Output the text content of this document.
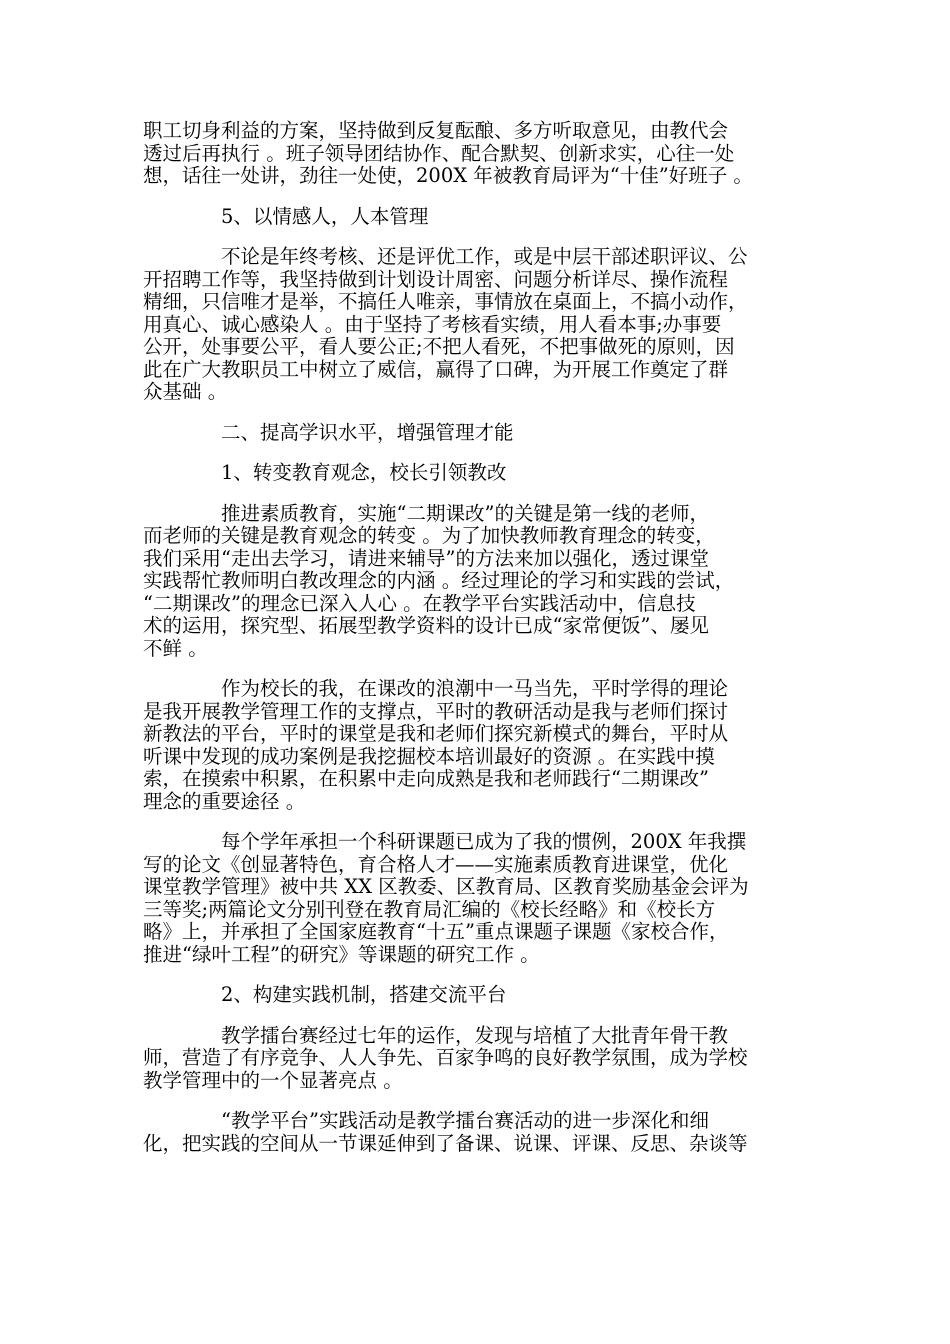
职工切身利益的方案，坚持做到反复酝酿、多方听取意见，由教代会

透过后再执行 。班子领导团结协作、配合默契、创新求实，心往一处

想，话往一处讲，劲往一处使，200X 年被教育局评为“十佳”好班子 。

5、以情感人，人本管理

不论是年终考核、还是评优工作，或是中层干部述职评议、公

开招聘工作等，我坚持做到计划设计周密、问题分析详尽、操作流程

精细，只信唯才是举，不搞任人唯亲，事情放在桌面上，不搞小动作，

用真心、诚心感染人 。由于坚持了考核看实绩，用人看本事;办事要

公开，处事要公平，看人要公正;不把人看死，不把事做死的原则，因

此在广大教职员工中树立了威信，赢得了口碑，为开展工作奠定了群

众基础 。

二、提高学识水平，增强管理才能

1、转变教育观念，校长引领教改

推进素质教育，实施“二期课改”的关键是第一线的老师，

而老师的关键是教育观念的转变 。为了加快教师教育理念的转变，

我们采用“走出去学习，请进来辅导”的方法来加以强化，透过课堂

实践帮忙教师明白教改理念的内涵 。经过理论的学习和实践的尝试，

“二期课改”的理念已深入人心 。在教学平台实践活动中，信息技

术的运用，探究型、拓展型教学资料的设计已成“家常便饭”、屡见

不鲜 。

作为校长的我，在课改的浪潮中一马当先，平时学得的理论

是我开展教学管理工作的支撑点，平时的教研活动是我与老师们探讨

新教法的平台，平时的课堂是我和老师们探究新模式的舞台，平时从

听课中发现的成功案例是我挖掘校本培训最好的资源 。在实践中摸

索，在摸索中积累，在积累中走向成熟是我和老师践行“二期课改”

理念的重要途径 。

每个学年承担一个科研课题已成为了我的惯例，200X 年我撰

写的论文《创显著特色，育合格人才——实施素质教育进课堂，优化

课堂教学管理》被中共 XX 区教委、区教育局、区教育奖励基金会评为

三等奖;两篇论文分别刊登在教育局汇编的《校长经略》和《校长方

略》上，并承担了全国家庭教育“十五”重点课题子课题《家校合作，

推进“绿叶工程”的研究》等课题的研究工作 。

2、构建实践机制，搭建交流平台

教学擂台赛经过七年的运作，发现与培植了大批青年骨干教

师，营造了有序竞争、人人争先、百家争鸣的良好教学氛围，成为学校

教学管理中的一个显著亮点 。

“教学平台”实践活动是教学擂台赛活动的进一步深化和细

化，把实践的空间从一节课延伸到了备课、说课、评课、反思、杂谈等
